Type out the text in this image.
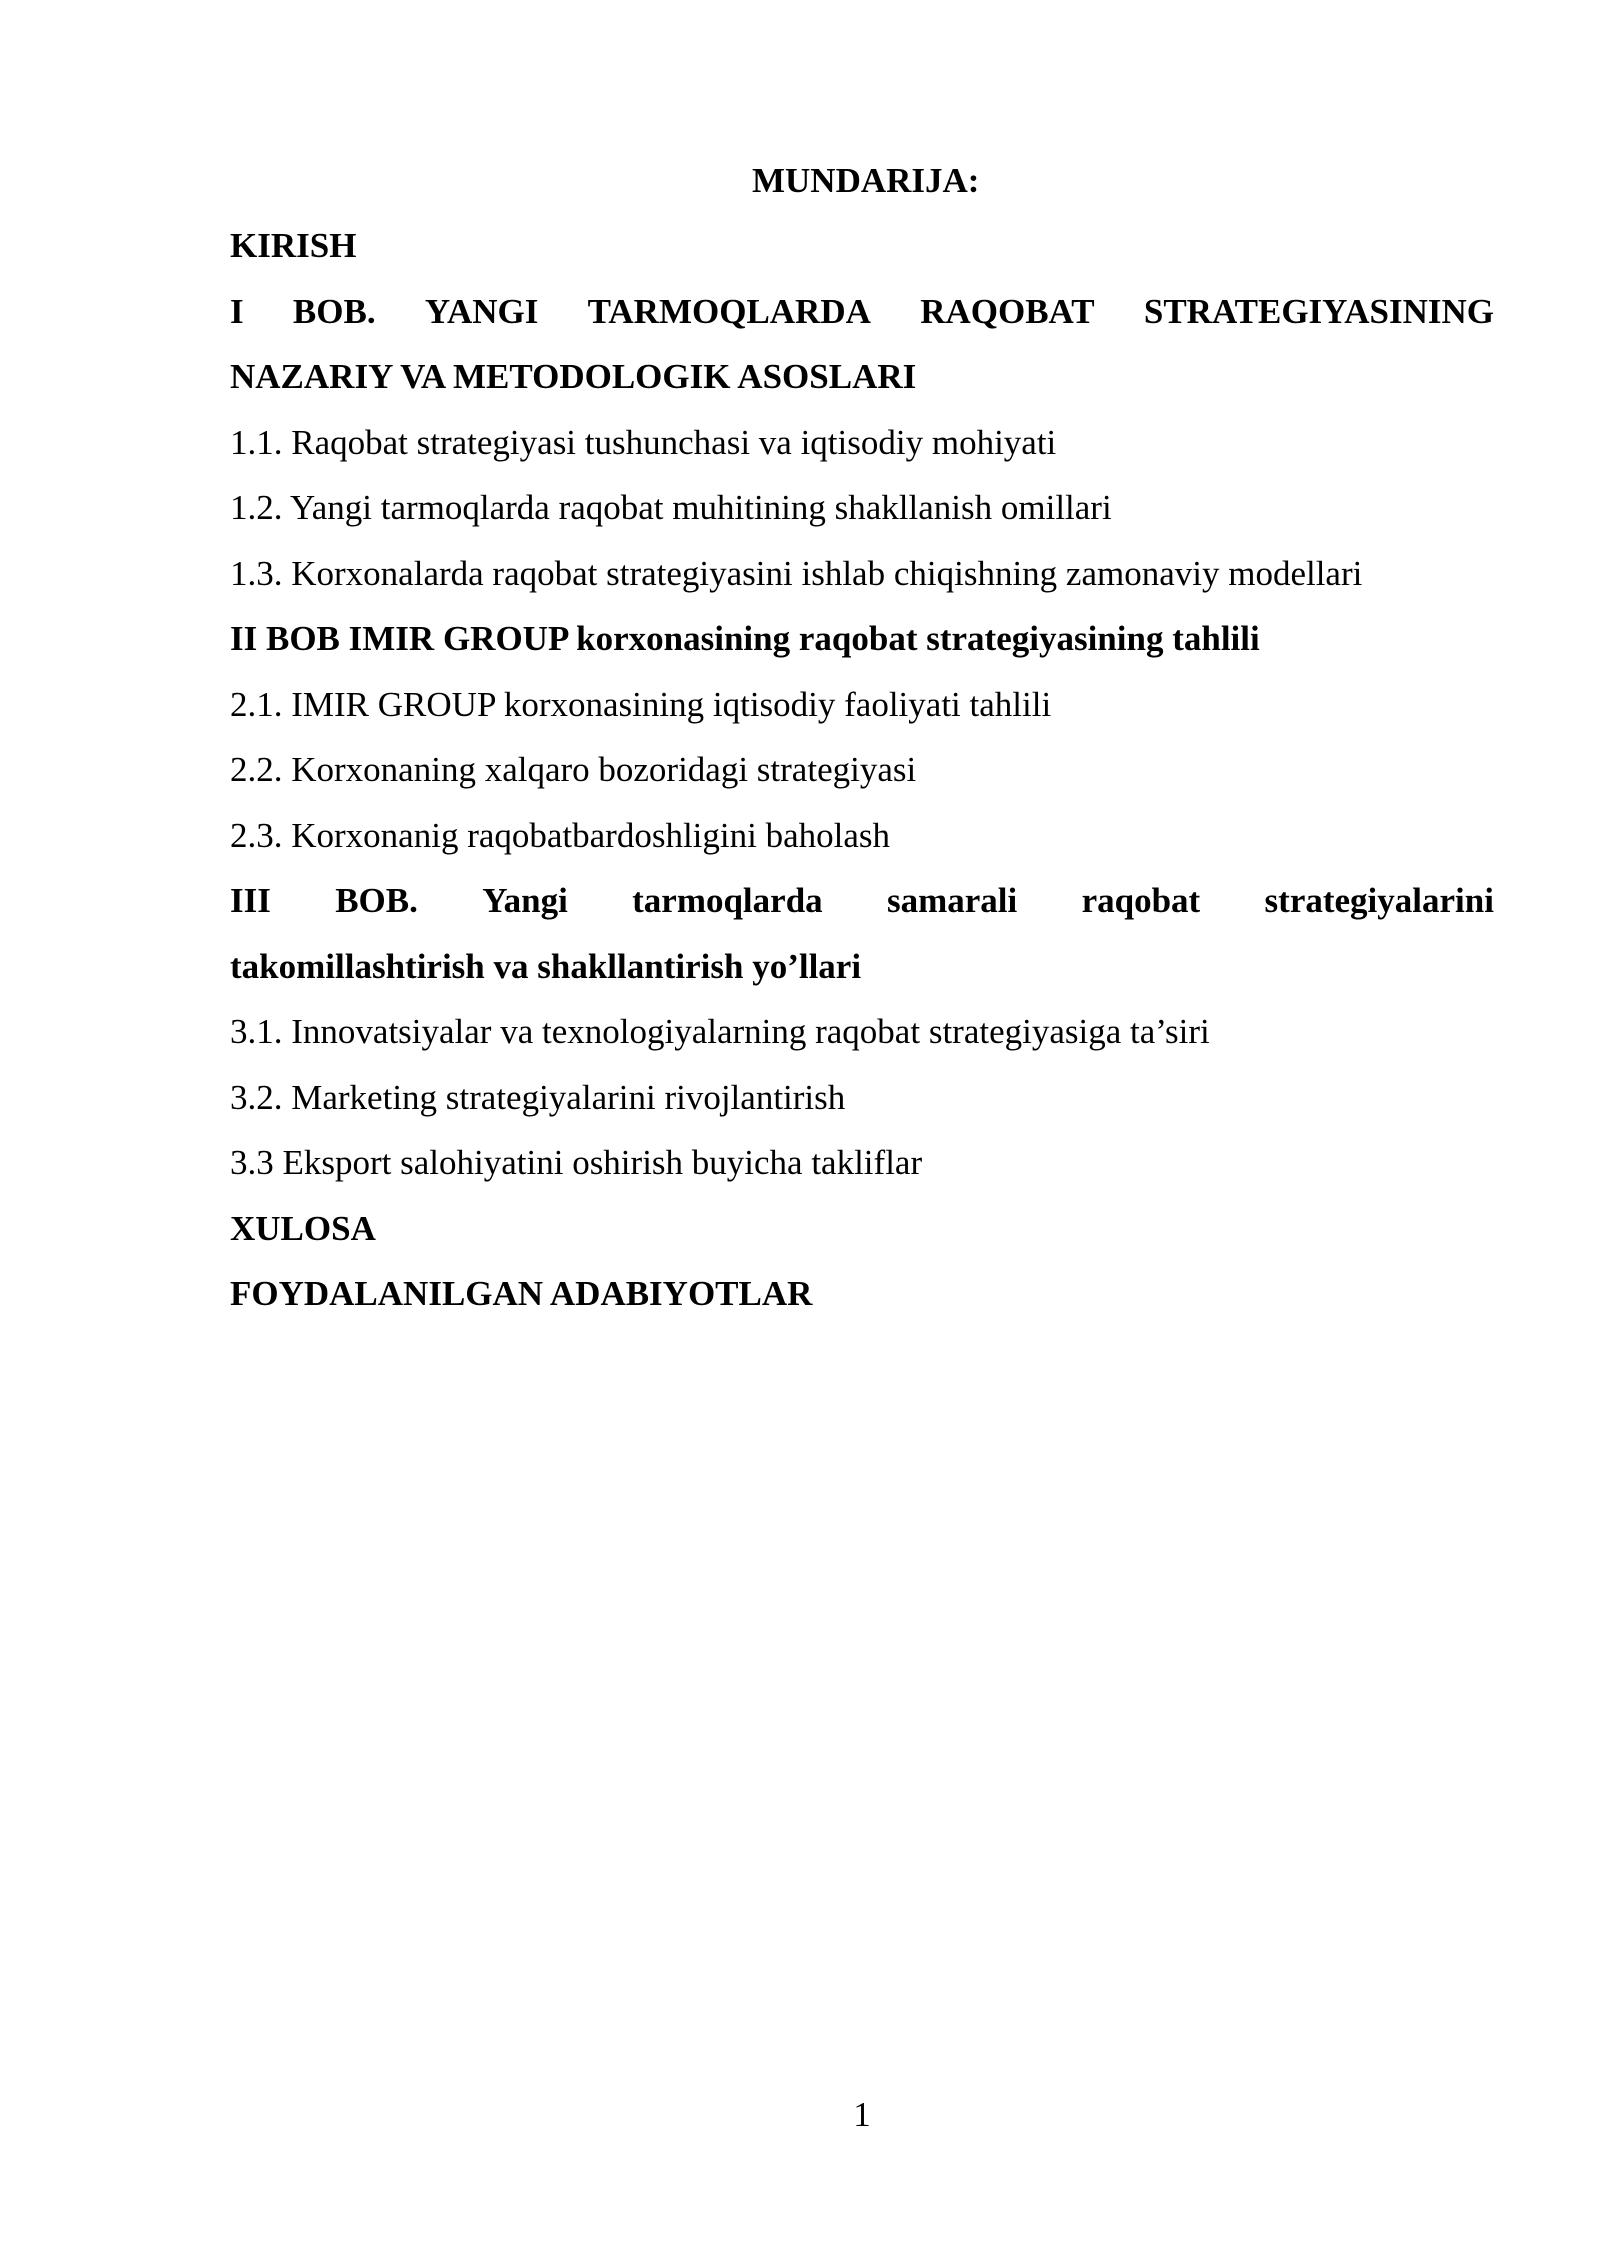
MUNDARIJA:
KIRISH
I BOB. YANGI TARMOQLARDA RAQOBAT STRATEGIYASINING
NAZARIY VA METODOLOGIK ASOSLARI
1.1. Raqobat strategiyasi tushunchasi va iqtisodiy mohiyati
1.2. Yangi tarmoqlarda raqobat muhitining shakllanish omillari
1.3. Korxonalarda raqobat strategiyasini ishlab chiqishning zamonaviy modellari
II BOB IMIR GROUP korxonasining raqobat strategiyasining tahlili
2.1. IMIR GROUP korxonasining iqtisodiy faoliyati tahlili
2.2. Korxonaning xalqaro bozoridagi strategiyasi
2.3. Korxonanig raqobatbardoshligini baholash
III BOB. Yangi tarmoqlarda samarali raqobat strategiyalarini
takomillashtirish va shakllantirish yo’llari
3.1. Innovatsiyalar va texnologiyalarning raqobat strategiyasiga ta’siri
3.2. Marketing strategiyalarini rivojlantirish
3.3 Eksport salohiyatini oshirish buyicha takliflar
XULOSA
FOYDALANILGAN ADABIYOTLAR
1
